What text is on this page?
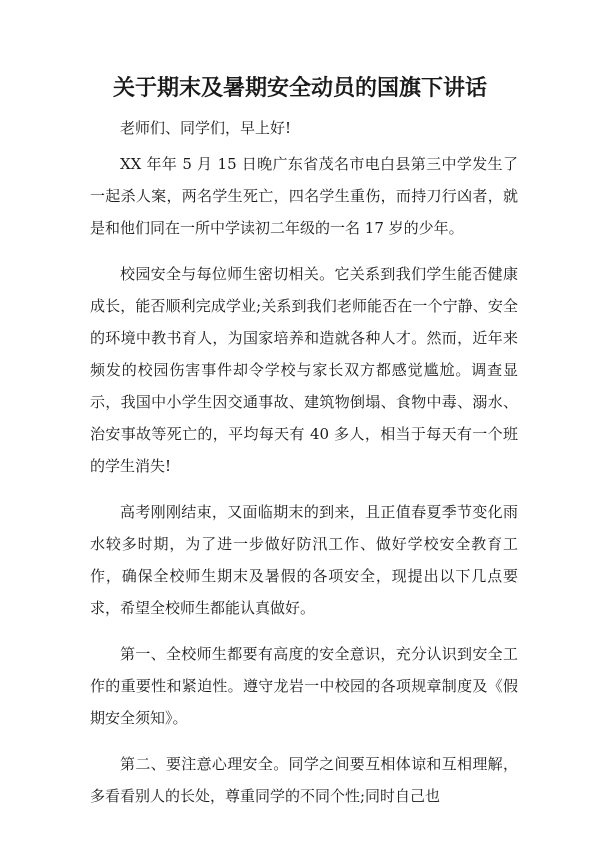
关于期末及暑期安全动员的国旗下讲话

老师们、同学们，早上好!

XX 年年 5 月 15 日晚广东省茂名市电白县第三中学发生了一起杀人案，两名学生死亡，四名学生重伤，而持刀行凶者，就是和他们同在一所中学读初二年级的一名 17 岁的少年。

校园安全与每位师生密切相关。它关系到我们学生能否健康成长，能否顺利完成学业;关系到我们老师能否在一个宁静、安全的环境中教书育人，为国家培养和造就各种人才。然而，近年来频发的校园伤害事件却令学校与家长双方都感觉尴尬。调查显示，我国中小学生因交通事故、建筑物倒塌、食物中毒、溺水、治安事故等死亡的，平均每天有 40 多人，相当于每天有一个班的学生消失!

高考刚刚结束，又面临期末的到来，且正值春夏季节变化雨水较多时期，为了进一步做好防汛工作、做好学校安全教育工作，确保全校师生期末及暑假的各项安全，现提出以下几点要求，希望全校师生都能认真做好。

第一、全校师生都要有高度的安全意识，充分认识到安全工作的重要性和紧迫性。遵守龙岩一中校园的各项规章制度及《假期安全须知》。

第二、要注意心理安全。同学之间要互相体谅和互相理解，多看看别人的长处，尊重同学的不同个性;同时自己也
